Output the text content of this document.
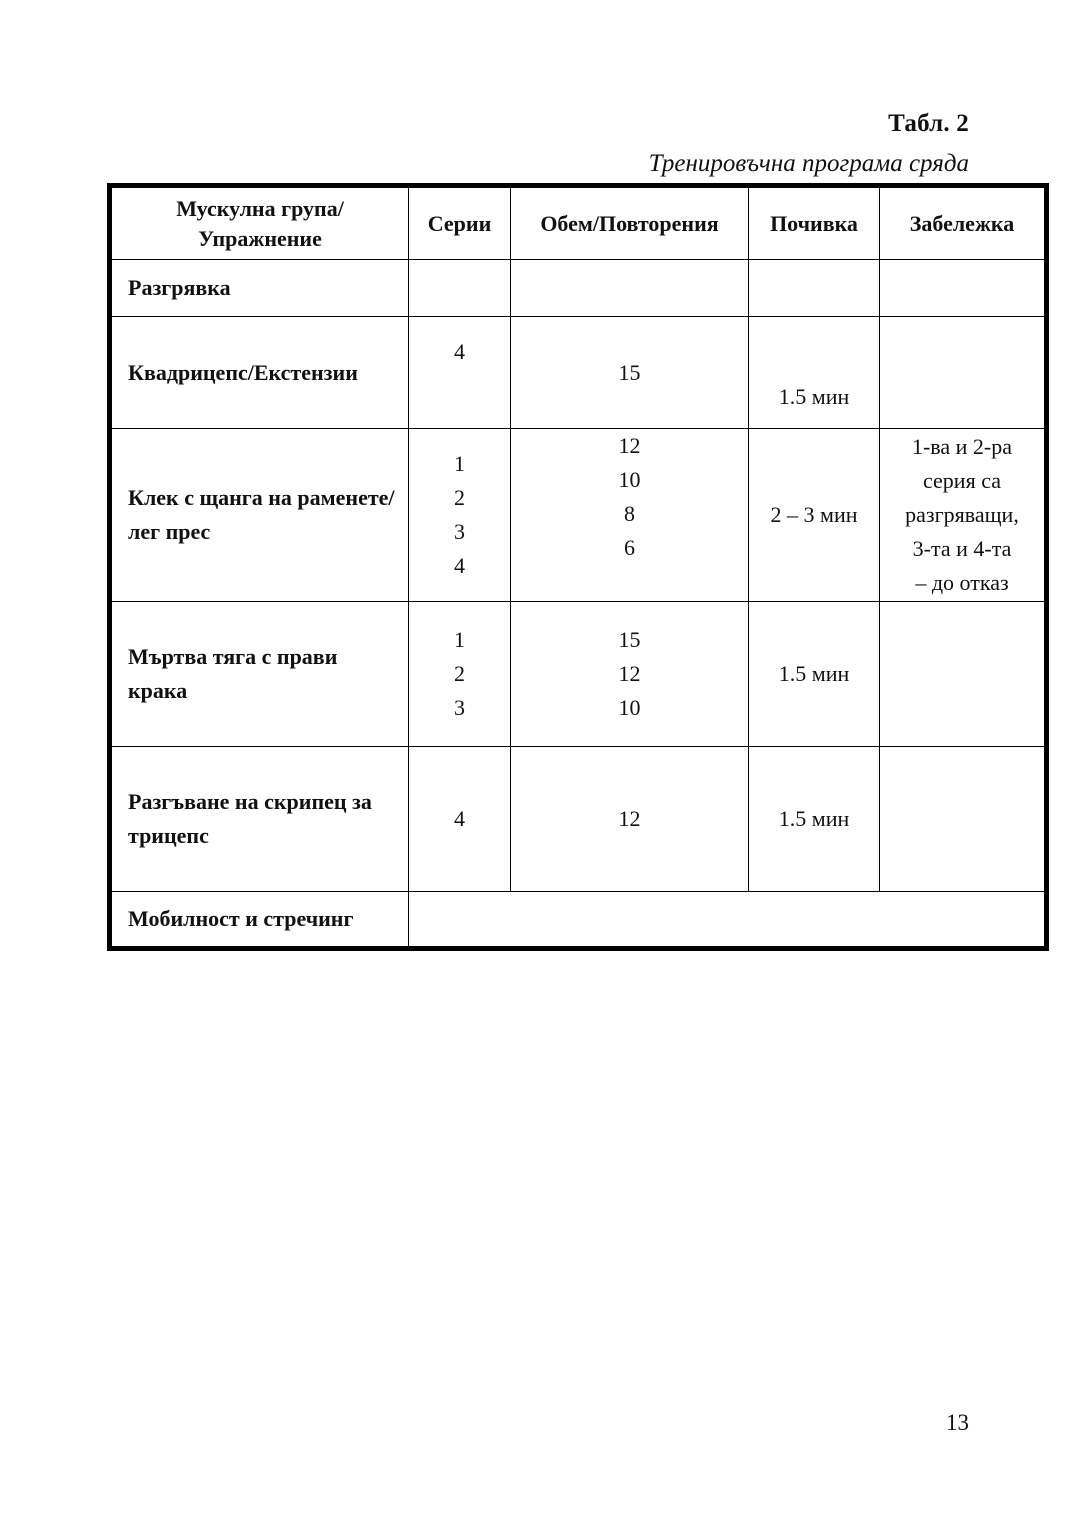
Табл. 2
Тренировъчна програма сряда
Мускулна група/Упражнение	Серии	Обем/Повторения	Почивка	Забележка
Разгрявка				
Квадрицепс/Екстензии	4	15	1.5 мин	
Клек с щанга на раменете/лег прес	1
2
3
4	12
10
8
6	2 – 3 мин	1-ва и 2-ра
серия са
разгряващи,
3-та и 4-та
– до отказ

Мъртва тяга с прави крака	1
2
3	15
12
10	1.5 мин	
Разгъване на скрипец за трицепс	4	12	1.5 мин	
Мобилност и стречинг				
13
